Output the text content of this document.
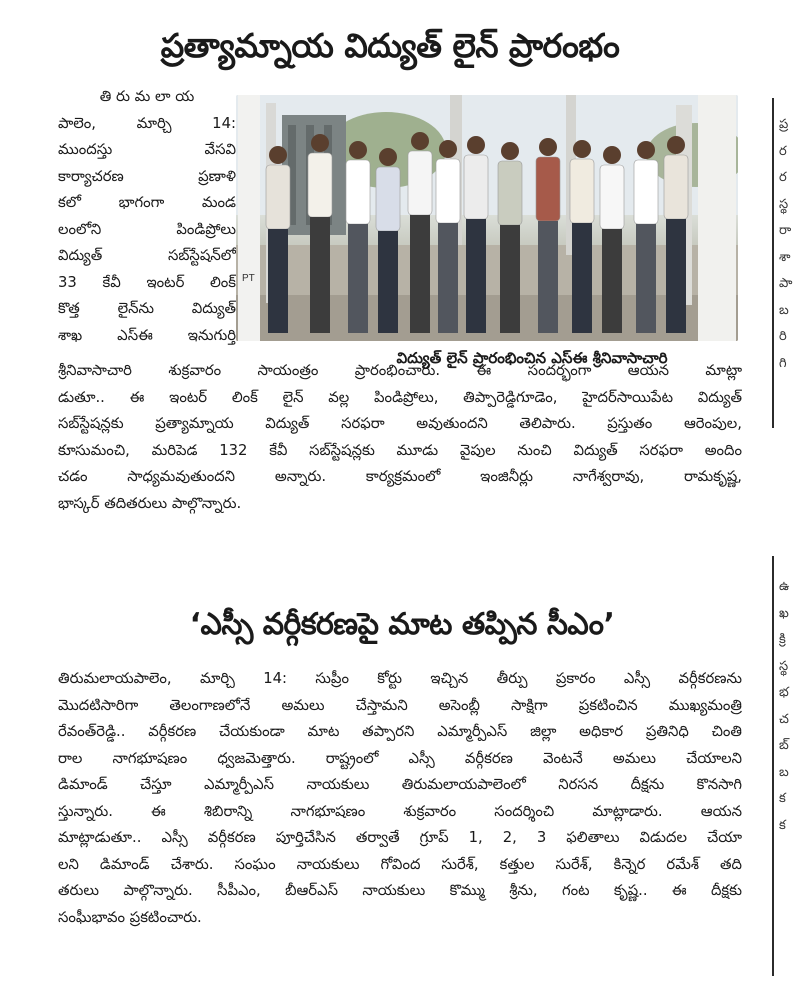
ప్రత్యామ్నాయ విద్యుత్ లైన్ ప్రారంభం
తి రు మ లా య
పాలెం, మార్చి 14:
ముందస్తు వేసవి
కార్యాచరణ ప్రణాళి
కలో భాగంగా మండ
లంలోని పిండిప్రోలు
విద్యుత్ సబ్‌స్టేషన్‌లో
33 కేవీ ఇంటర్ లింక్
కొత్త లైన్‌ను విద్యుత్
శాఖ ఎస్ఈ ఇనుగుర్తి
PT
విద్యుత్ లైన్ ప్రారంభించిన ఎస్ఈ శ్రీనివాసాచారి
శ్రీనివాసాచారి శుక్రవారం సాయంత్రం ప్రారంభించారు. ఈ సందర్భంగా ఆయన మాట్లా
డుతూ.. ఈ ఇంటర్ లింక్ లైన్ వల్ల పిండిప్రోలు, తిప్పారెడ్డిగూడెం, హైదర్‌సాయిపేట విద్యుత్
సబ్‌స్టేషన్లకు ప్రత్యామ్నాయ విద్యుత్ సరఫరా అవుతుందని తెలిపారు. ప్రస్తుతం ఆరెంపుల,
కూసుమంచి, మరిపెడ 132 కేవీ సబ్‌స్టేషన్లకు మూడు వైపుల నుంచి విద్యుత్ సరఫరా అందిం
చడం సాధ్యమవుతుందని అన్నారు. కార్యక్రమంలో ఇంజినీర్లు నాగేశ్వరావు, రామకృష్ణ,
భాస్కర్ తదితరులు పాల్గొన్నారు.
‘ఎస్సీ వర్గీకరణపై మాట తప్పిన సీఎం’
తిరుమలాయపాలెం, మార్చి 14: సుప్రీం కోర్టు ఇచ్చిన తీర్పు ప్రకారం ఎస్సీ వర్గీకరణను
మొదటిసారిగా తెలంగాణలోనే అమలు చేస్తామని అసెంబ్లీ సాక్షిగా ప్రకటించిన ముఖ్యమంత్రి
రేవంత్‌రెడ్డి.. వర్గీకరణ చేయకుండా మాట తప్పారని ఎమ్మార్పీఎస్ జిల్లా అధికార ప్రతినిధి చింతి
రాల నాగభూషణం ధ్వజమెత్తారు. రాష్ట్రంలో ఎస్సీ వర్గీకరణ వెంటనే అమలు చేయాలని
డిమాండ్ చేస్తూ ఎమ్మార్పీఎస్ నాయకులు తిరుమలాయపాలెంలో నిరసన దీక్షను కొనసాగి
స్తున్నారు. ఈ శిబిరాన్ని నాగభూషణం శుక్రవారం సందర్శించి మాట్లాడారు. ఆయన
మాట్లాడుతూ.. ఎస్సీ వర్గీకరణ పూర్తిచేసిన తర్వాతే గ్రూప్ 1, 2, 3 ఫలితాలు విడుదల చేయా
లని డిమాండ్ చేశారు. సంఘం నాయకులు గోవింద సురేశ్, కత్తుల సురేశ్, కిన్నెర రమేశ్ తది
తరులు పాల్గొన్నారు. సీపీఎం, బీఆర్ఎస్ నాయకులు కొమ్ము శ్రీను, గంట కృష్ణ.. ఈ దీక్షకు
సంఘీభావం ప్రకటించారు.
ప్ర
ర
ర
స్థ
రా
శా
పా
బ
రి
గి
ఉ
ఖ
క్రి
స్థ
భ
చ
బ్
బ
క
క
